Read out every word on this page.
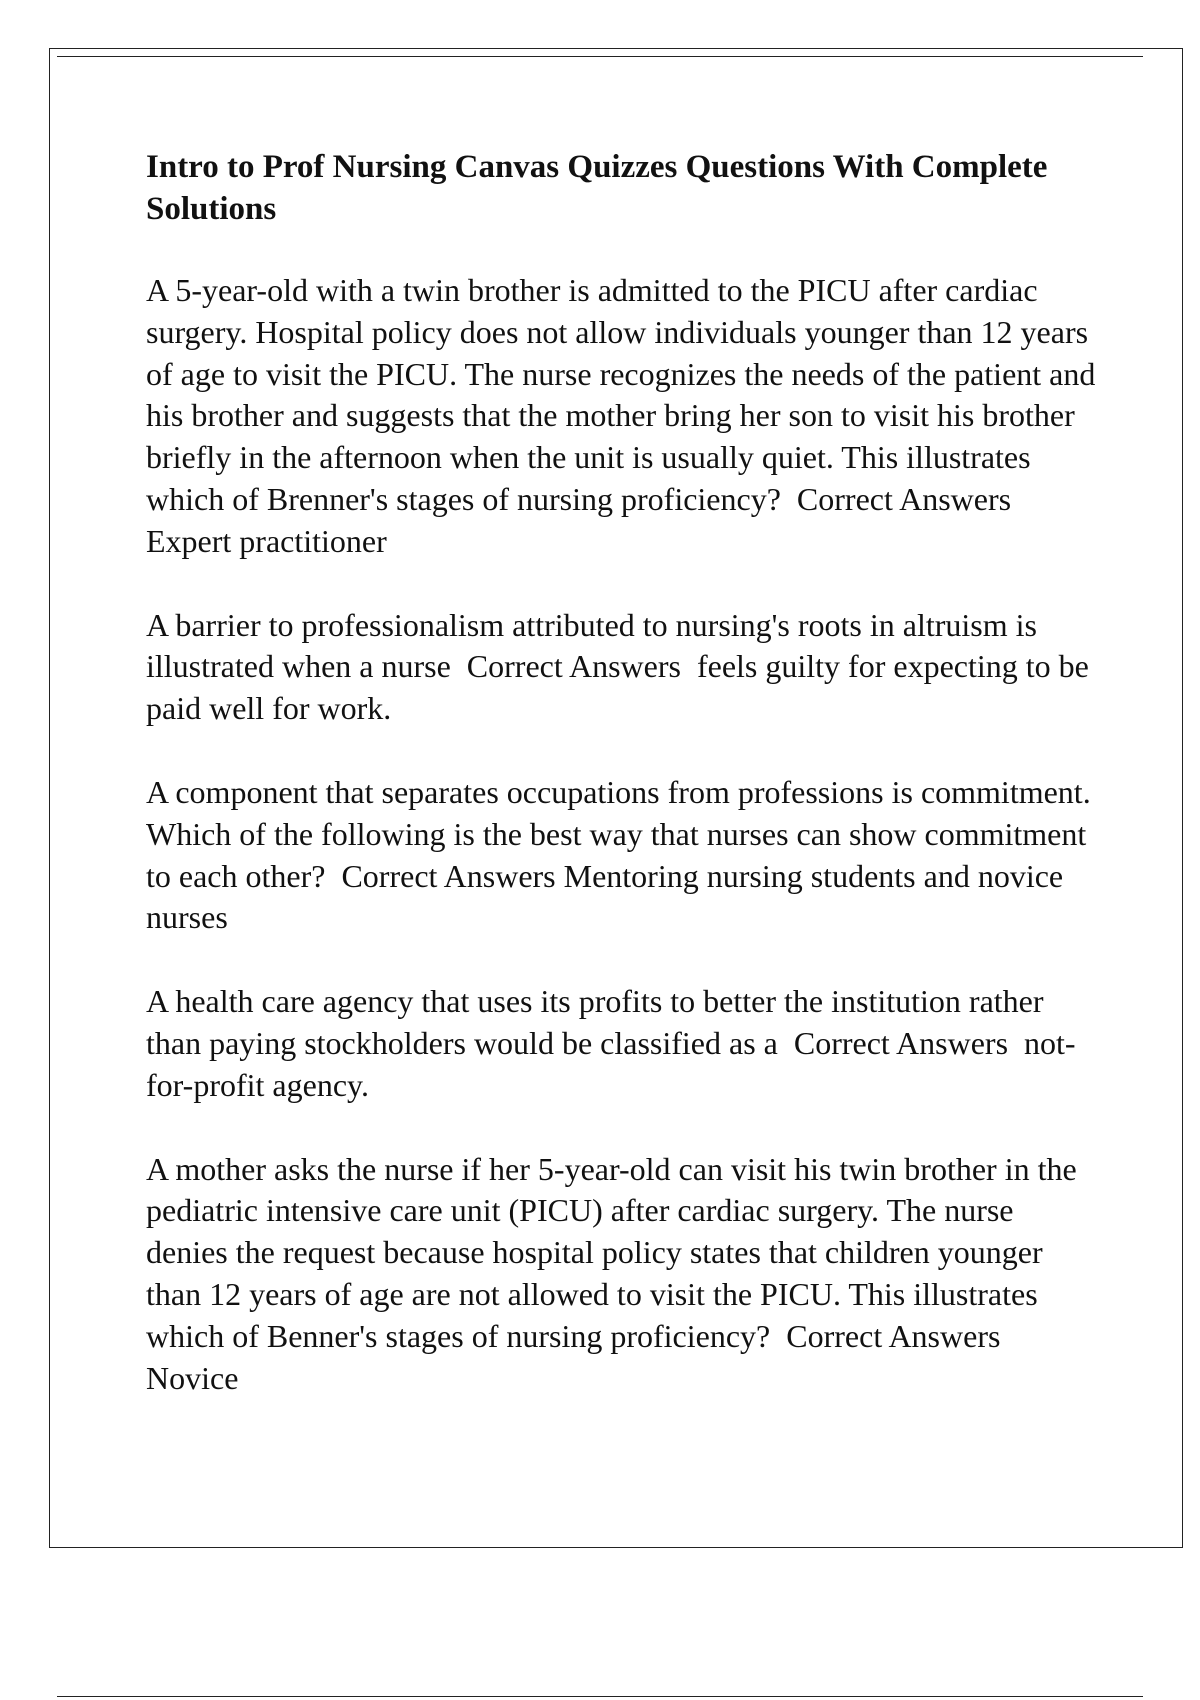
Intro to Prof Nursing Canvas Quizzes Questions With Complete Solutions
A 5-year-old with a twin brother is admitted to the PICU after cardiac surgery. Hospital policy does not allow individuals younger than 12 years of age to visit the PICU. The nurse recognizes the needs of the patient and his brother and suggests that the mother bring her son to visit his brother briefly in the afternoon when the unit is usually quiet. This illustrates which of Brenner's stages of nursing proficiency? Correct Answers Expert practitioner
A barrier to professionalism attributed to nursing's roots in altruism is illustrated when a nurse Correct Answers feels guilty for expecting to be paid well for work.
A component that separates occupations from professions is commitment. Which of the following is the best way that nurses can show commitment to each other? Correct Answers Mentoring nursing students and novice nurses
A health care agency that uses its profits to better the institution rather than paying stockholders would be classified as a Correct Answers not-for-profit agency.
A mother asks the nurse if her 5-year-old can visit his twin brother in the pediatric intensive care unit (PICU) after cardiac surgery. The nurse denies the request because hospital policy states that children younger than 12 years of age are not allowed to visit the PICU. This illustrates which of Benner's stages of nursing proficiency? Correct Answers  Novice
